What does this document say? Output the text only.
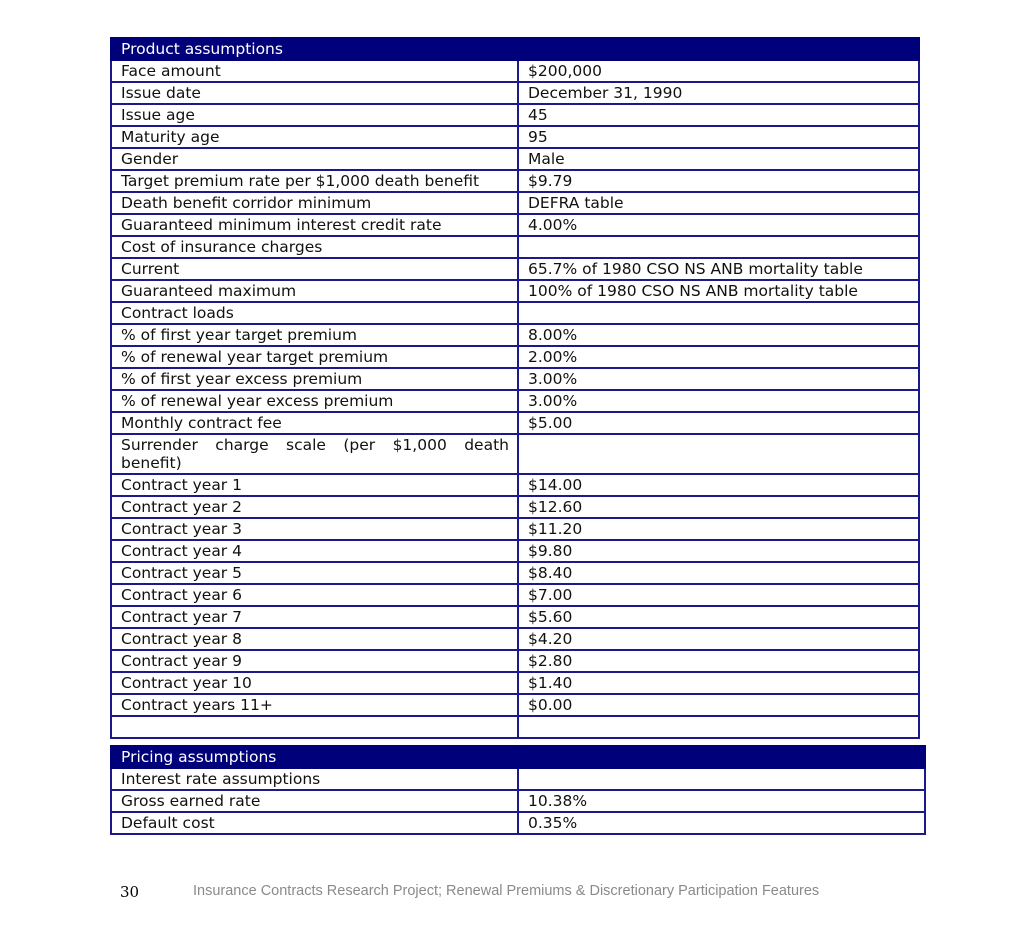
Product assumptions	
Face amount	$200,000
Issue date	December 31, 1990
Issue age	45
Maturity age	95
Gender	Male
Target premium rate per $1,000 death benefit	$9.79
Death benefit corridor minimum	DEFRA table
Guaranteed minimum interest credit rate	4.00%
Cost of insurance charges	
Current	65.7% of 1980 CSO NS ANB mortality table
Guaranteed maximum	100% of 1980 CSO NS ANB mortality table
Contract loads	
% of first year target premium	8.00%
% of renewal year target premium	2.00%
% of first year excess premium	3.00%
% of renewal year excess premium	3.00%
Monthly contract fee	$5.00
Surrender charge scale (per $1,000 death benefit)	
Contract year 1	$14.00
Contract year 2	$12.60
Contract year 3	$11.20
Contract year 4	$9.80
Contract year 5	$8.40
Contract year 6	$7.00
Contract year 7	$5.60
Contract year 8	$4.20
Contract year 9	$2.80
Contract year 10	$1.40
Contract years 11+	$0.00

Pricing assumptions	
Interest rate assumptions	
Gross earned rate	10.38%
Default cost	0.35%
30	Insurance Contracts Research Project; Renewal Premiums & Discretionary Participation Features
